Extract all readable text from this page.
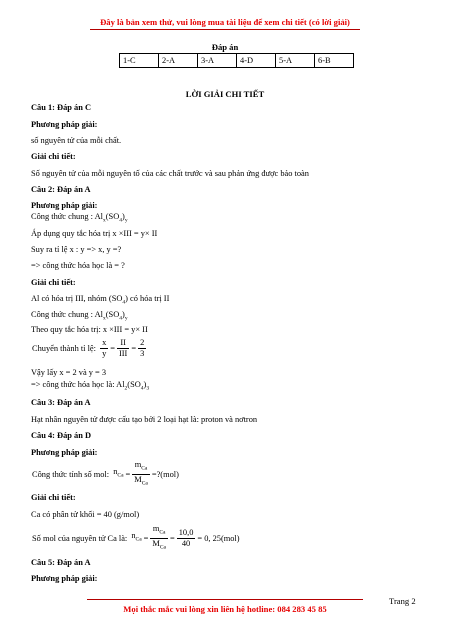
Đây là bản xem thử, vui lòng mua tài liệu để xem chi tiết (có lời giải)
Đáp án
1-C	2-A	3-A	4-D	5-A	6-B
LỜI GIẢI CHI TIẾT
Câu 1: Đáp án C
Phương pháp giải:
số nguyên tử của mỗi chất.
Giải chi tiết:
Số nguyên tử của mỗi nguyên tố của các chất trước và sau phản ứng được bảo toàn
Câu 2: Đáp án A
Phương pháp giải:
Công thức chung : $Al_x(SO_4)_y$
Áp dụng quy tắc hóa trị x ×III = y× II
Suy ra tỉ lệ x : y => x, y =?
=> công thức hóa học là = ?
Giải chi tiết:
Al có hóa trị III, nhóm $(SO_4)$ có hóa trị II
Công thức chung : $Al_x(SO_4)_y$
Theo quy tắc hóa trị: x ×III = y× II
Chuyển thành tỉ lệ: $\frac{x}{y} = \frac{II}{\text{III}} = \frac{2}{3}$
Vậy lấy x = 2 và y = 3
=> công thức hóa học là: $Al_2(SO_4)_3$
Câu 3: Đáp án A
Hạt nhân nguyên tử được cấu tạo bởi 2 loại hạt là: proton và nơtron
Câu 4: Đáp án D
Phương pháp giải:
Công thức tính số mol: $n_{Ca} = \frac{m_{Ca}}{M_{Ca}}$ =?(mol)
Giải chi tiết:
Ca có phân tử khối = 40 (g/mol)
Số mol của nguyên tử Ca là: $n_{Ca} = \frac{m_{Ca}}{M_{Ca}} = \frac{10,0}{40} = 0$, 25(mol)
Câu 5: Đáp án A
Phương pháp giải:
Trang 2
Mọi thắc mắc vui lòng xin liên hệ hotline: 084 283 45 85
